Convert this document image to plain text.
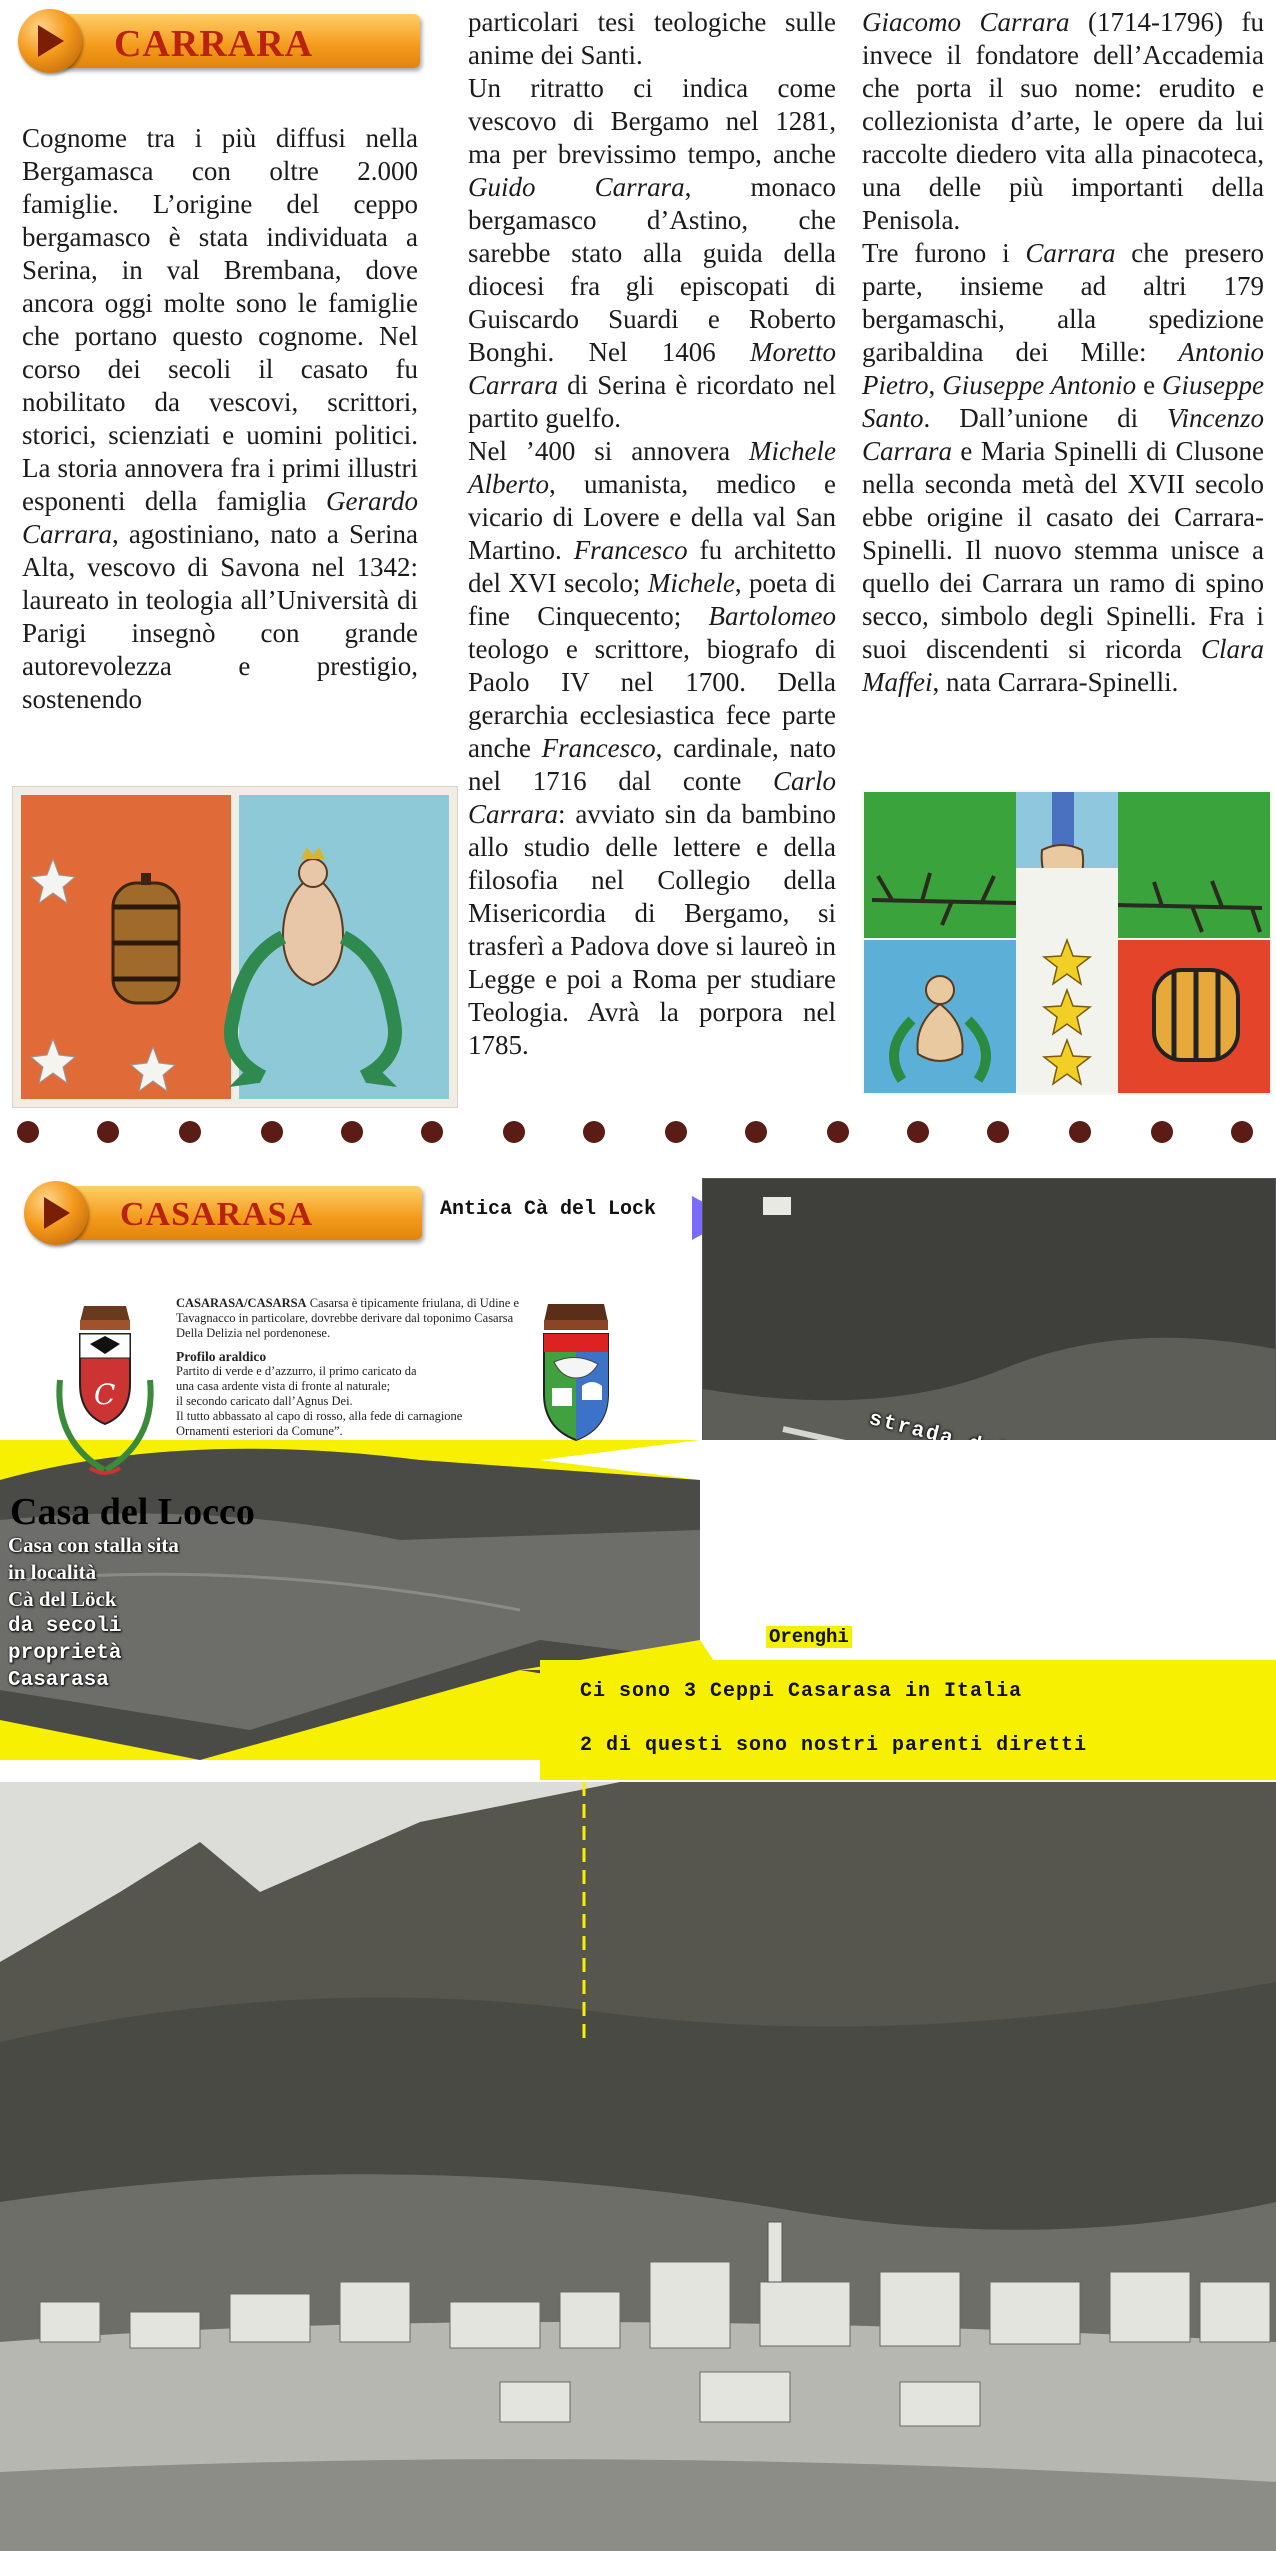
CARRARA

Cognome tra i più diffusi nella Bergamasca con oltre 2.000 famiglie. L’origine del ceppo bergamasco è stata individuata a Serina, in val Brembana, dove ancora oggi molte sono le famiglie che portano questo cognome. Nel corso dei secoli il casato fu nobilitato da vescovi, scrittori, storici, scienziati e uomini politici. La storia annovera fra i primi illustri esponenti della famiglia Gerardo Carrara, agostiniano, nato a Serina Alta, vescovo di Savona nel 1342: laureato in teologia all’Università di Parigi insegnò con grande autorevolezza e prestigio, sostenendo

particolari tesi teologiche sulle anime dei Santi.

Un ritratto ci indica come vescovo di Bergamo nel 1281, ma per brevissimo tempo, anche Guido Carrara, monaco bergamasco d’Astino, che sarebbe stato alla guida della diocesi fra gli episcopati di Guiscardo Suardi e Roberto Bonghi. Nel 1406 Moretto Carrara di Serina è ricordato nel partito guelfo.

Nel ’400 si annovera Michele Alberto, umanista, medico e vicario di Lovere e della val San Martino. Francesco fu architetto del XVI secolo; Michele, poeta di fine Cinquecento; Bartolomeo teologo e scrittore, biografo di Paolo IV nel 1700. Della gerarchia ecclesiastica fece parte anche Francesco, cardinale, nato nel 1716 dal conte Carlo Carrara: avviato sin da bambino allo studio delle lettere e della filosofia nel Collegio della Misericordia di Bergamo, si trasferì a Padova dove si laureò in Legge e poi a Roma per studiare Teologia. Avrà la porpora nel 1785.

Giacomo Carrara (1714-1796) fu invece il fondatore dell’Accademia che porta il suo nome: erudito e collezionista d’arte, le opere da lui raccolte diedero vita alla pinacoteca, una delle più importanti della Penisola.

Tre furono i Carrara che presero parte, insieme ad altri 179 bergamaschi, alla spedizione garibaldina dei Mille: Antonio Pietro, Giuseppe Antonio e Giuseppe Santo. Dall’unione di Vincenzo Carrara e Maria Spinelli di Clusone nella seconda metà del XVII secolo ebbe origine il casato dei Carrara-Spinelli. Il nuovo stemma unisce a quello dei Carrara un ramo di spino secco, simbolo degli Spinelli. Fra i suoi discendenti si ricorda Clara Maffei, nata Carrara-Spinelli.

CASARASA	Antica Cà del Lock
Casa del Locco
Casa con stalla sita
in località
Cà del Löck
da secoli
proprietà
Casarasa
Orenghi
Ci sono 3 Ceppi Casarasa in Italia
2 di questi sono nostri parenti diretti
C
CASARASA/CASARSA Casarsa è tipicamente friulana, di Udine e Tavagnacco in particolare, dovrebbe derivare dal toponimo Casarsa Della Delizia nel pordenonese.
Profilo araldico
Partito di verde e d’azzurro, il primo caricato da
una casa ardente vista di fronte al naturale;
il secondo caricato dall’Agnus Dei.
Il tutto abbassato al capo di rosso, alla fede di carnagione
Ornamenti esteriori da Comune”.
